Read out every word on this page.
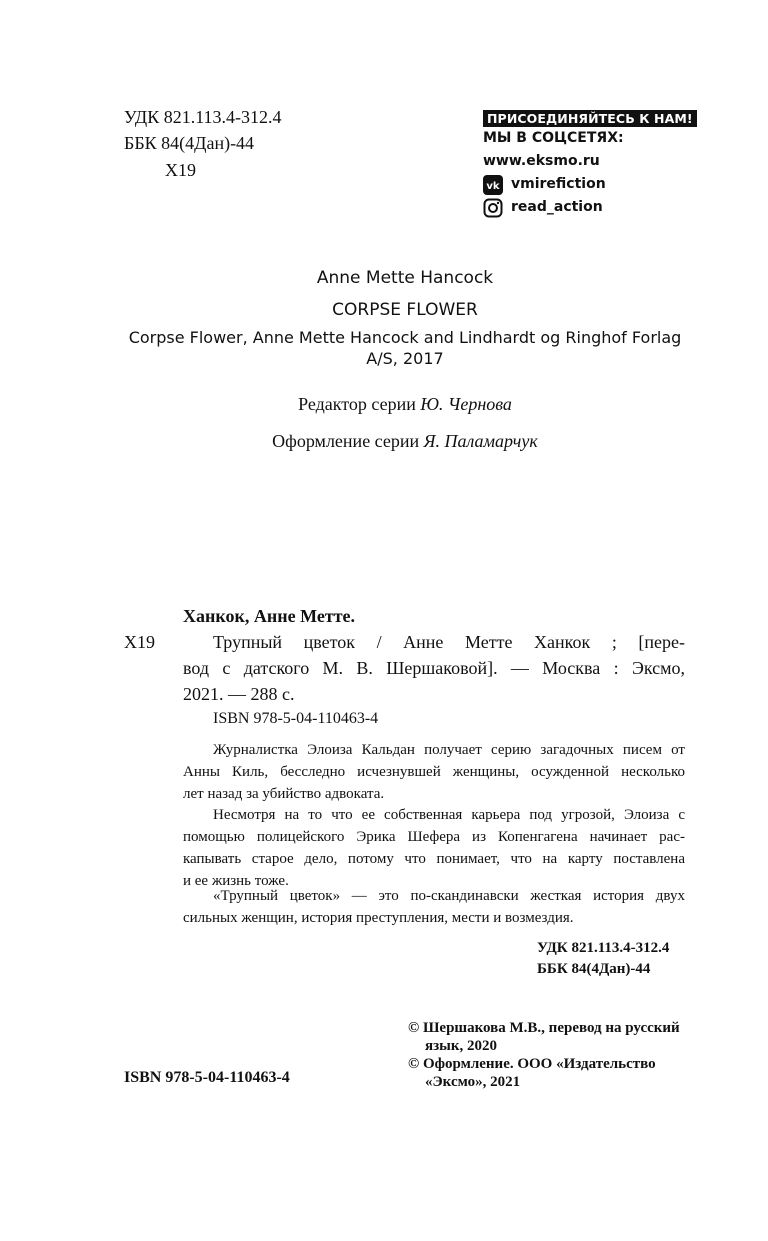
УДК 821.113.4-312.4
ББК 84(4Дан)-44
Х19
ПРИСОЕДИНЯЙТЕСЬ К НАМ!
МЫ В СОЦСЕТЯХ:
www.eksmo.ru
vk vmirefiction
read_action
Anne Mette Hancock
CORPSE FLOWER
Corpse Flower, Anne Mette Hancock and Lindhardt og Ringhof Forlag
A/S, 2017
Редактор серии Ю. Чернова
Оформление серии Я. Паламарчук
Ханкок, Анне Метте.
Х19	Трупный цветок / Анне Метте Ханкок ; [пере-
вод с датского М. В. Шершаковой]. — Москва : Эксмо,
2021. — 288 с.
ISBN 978-5-04-110463-4
Журналистка Элоиза Кальдан получает серию загадочных писем от
Анны Киль, бесследно исчезнувшей женщины, осужденной несколько
лет назад за убийство адвоката.
Несмотря на то что ее собственная карьера под угрозой, Элоиза с
помощью полицейского Эрика Шефера из Копенгагена начинает рас-
капывать старое дело, потому что понимает, что на карту поставлена
и ее жизнь тоже.
«Трупный цветок» — это по-скандинавски жесткая история двух
сильных женщин, история преступления, мести и возмездия.
УДК 821.113.4-312.4
ББК 84(4Дан)-44
ISBN 978-5-04-110463-4
© Шершакова М.В., перевод на русский
язык, 2020
© Оформление. ООО «Издательство
«Эксмо», 2021
